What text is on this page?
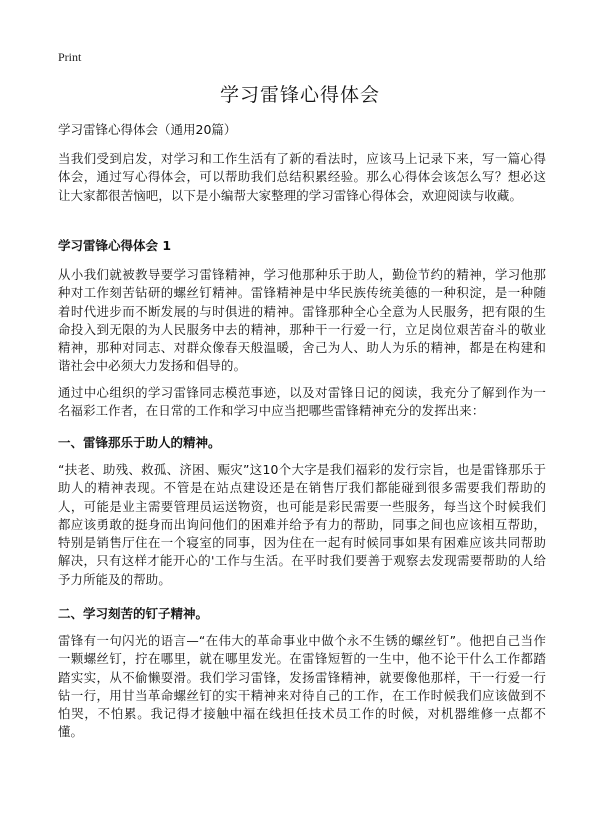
Print
学习雷锋心得体会

学习雷锋心得体会（通用20篇）

当我们受到启发，对学习和工作生活有了新的看法时，应该马上记录下来，写一篇心得体会，通过写心得体会，可以帮助我们总结积累经验。那么心得体会该怎么写？想必这让大家都很苦恼吧，以下是小编帮大家整理的学习雷锋心得体会，欢迎阅读与收藏。

学习雷锋心得体会 1

从小我们就被教导要学习雷锋精神，学习他那种乐于助人，勤俭节约的精神，学习他那种对工作刻苦钻研的螺丝钉精神。雷锋精神是中华民族传统美德的一种积淀，是一种随着时代进步而不断发展的与时俱进的精神。雷锋那种全心全意为人民服务，把有限的生命投入到无限的为人民服务中去的精神，那种干一行爱一行，立足岗位艰苦奋斗的敬业精神，那种对同志、对群众像春天般温暖，舍己为人、助人为乐的精神，都是在构建和谐社会中必须大力发扬和倡导的。

通过中心组织的学习雷锋同志模范事迹，以及对雷锋日记的阅读，我充分了解到作为一名福彩工作者，在日常的工作和学习中应当把哪些雷锋精神充分的发挥出来：

一、雷锋那乐于助人的精神。

“扶老、助残、救孤、济困、赈灾”这10个大字是我们福彩的发行宗旨，也是雷锋那乐于助人的精神表现。不管是在站点建设还是在销售厅我们都能碰到很多需要我们帮助的人，可能是业主需要管理员运送物资，也可能是彩民需要一些服务，每当这个时候我们都应该勇敢的挺身而出询问他们的困难并给予有力的帮助，同事之间也应该相互帮助，特别是销售厅住在一个寝室的同事，因为住在一起有时候同事如果有困难应该共同帮助解决，只有这样才能开心的'工作与生活。在平时我们要善于观察去发现需要帮助的人给予力所能及的帮助。

二、学习刻苦的钉子精神。

雷锋有一句闪光的语言—“在伟大的革命事业中做个永不生锈的螺丝钉”。他把自己当作一颗螺丝钉，拧在哪里，就在哪里发光。在雷锋短暂的一生中，他不论干什么工作都踏踏实实，从不偷懒耍滑。我们学习雷锋，发扬雷锋精神，就要像他那样，干一行爱一行钻一行，用甘当革命螺丝钉的实干精神来对待自己的工作，在工作时候我们应该做到不怕哭，不怕累。我记得才接触中福在线担任技术员工作的时候，对机器维修一点都不懂。
